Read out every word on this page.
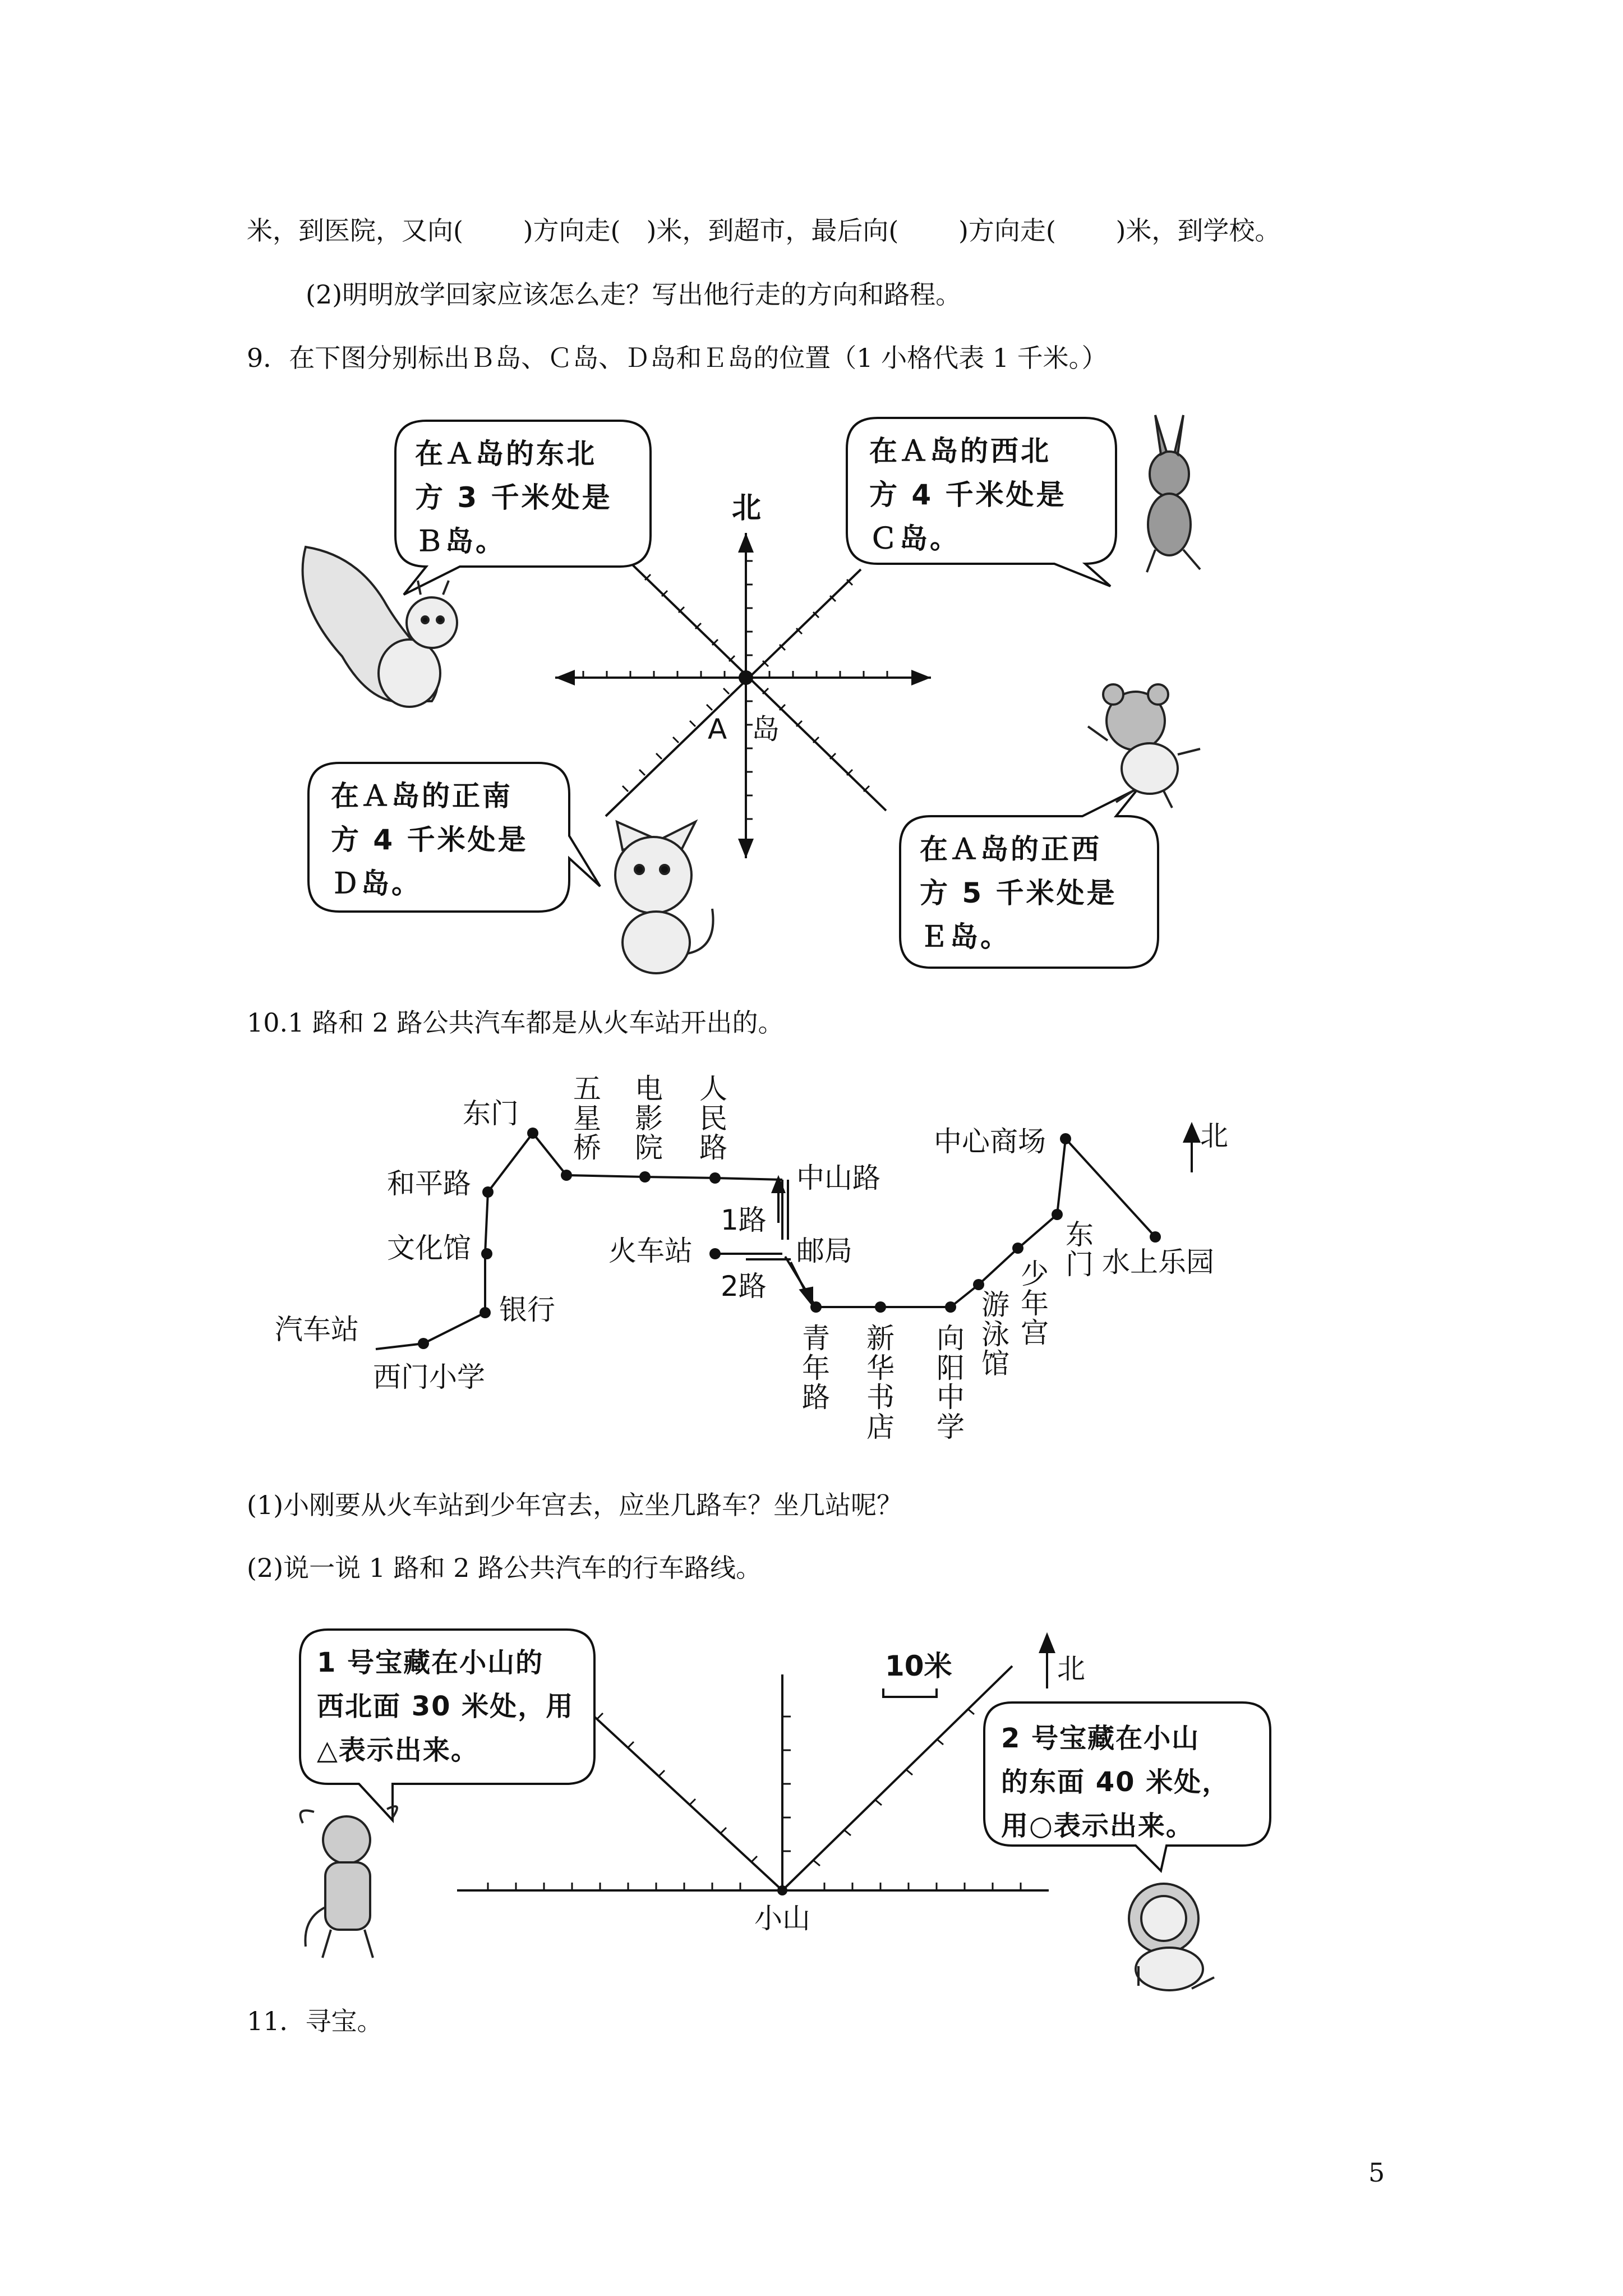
米，到医院，又向(　　 )方向走(　)米，到超市，最后向(　　 )方向走(　　 )米，到学校。
(2)明明放学回家应该怎么走？写出他行走的方向和路程。
9．在下图分别标出Ｂ岛、Ｃ岛、Ｄ岛和Ｅ岛的位置（1 小格代表 1 千米。）
10.1 路和 2 路公共汽车都是从火车站开出的。
(1)小刚要从火车站到少年宫去，应坐几路车？坐几站呢？
(2)说一说 1 路和 2 路公共汽车的行车路线。
11．寻宝。
5
北
A 岛
在Ａ岛的东北
方 3 千米处是
Ｂ岛。
在Ａ岛的西北
方 4 千米处是
Ｃ岛。
在Ａ岛的正南
方 4 千米处是
Ｄ岛。
在Ａ岛的正西
方 5 千米处是
Ｅ岛。
东门
五星桥
电影院
人民路
中山路
和平路
文化馆
银行
汽车站
西门小学
火车站	邮局
1路
2路
青年路
新华书店
向阳中学
游泳馆
少年宫
东门
中心商场
水上乐园
北
1 号宝藏在小山的
西北面 30 米处，用
△表示出来。	2 号宝藏在小山
的东面 40 米处，
用○表示出来。
10米	北
小山
